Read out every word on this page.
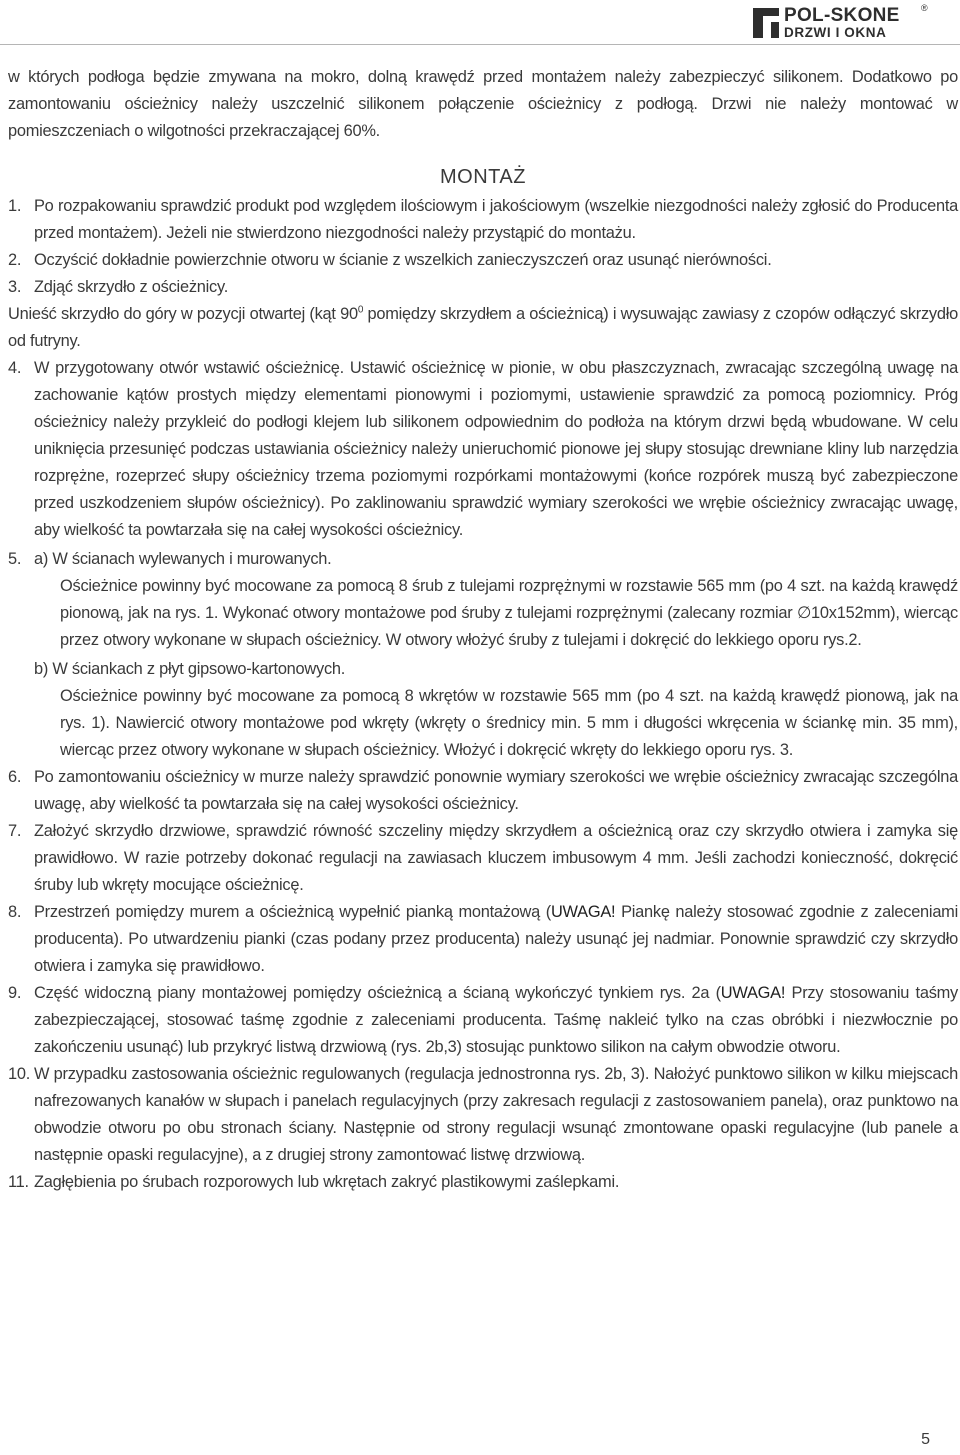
POL-SKONE ®
DRZWI I OKNA

w których podłoga będzie zmywana na mokro, dolną krawędź przed montażem należy zabezpieczyć silikonem. Dodatkowo po zamontowaniu ościeżnicy należy uszczelnić silikonem połączenie ościeżnicy z podłogą. Drzwi nie należy montować w pomieszczeniach o wilgotności przekraczającej 60%.

MONTAŻ
1. Po rozpakowaniu sprawdzić produkt pod względem ilościowym i jakościowym (wszelkie niezgodności należy zgłosić do Producenta przed montażem). Jeżeli nie stwierdzono niezgodności należy przystąpić do montażu.
2. Oczyścić dokładnie powierzchnie otworu w ścianie z wszelkich zanieczyszczeń oraz usunąć nierówności.
3. Zdjąć skrzydło z ościeżnicy.

Unieść skrzydło do góry w pozycji otwartej (kąt $90^0$ pomiędzy skrzydłem a ościeżnicą) i wysuwając zawiasy z czopów odłączyć skrzydło od futryny.

4. W przygotowany otwór wstawić ościeżnicę. Ustawić ościeżnicę w pionie, w obu płaszczyznach, zwracając szczególną uwagę na zachowanie kątów prostych między elementami pionowymi i poziomymi, ustawienie sprawdzić za pomocą poziomnicy. Próg ościeżnicy należy przykleić do podłogi klejem lub silikonem odpowiednim do podłoża na którym drzwi będą wbudowane. W celu uniknięcia przesunięć podczas ustawiania ościeżnicy należy unieruchomić pionowe jej słupy stosując drewniane kliny lub narzędzia rozprężne, rozeprzeć słupy ościeżnicy trzema poziomymi rozpórkami montażowymi (końce rozpórek muszą być zabezpieczone przed uszkodzeniem słupów ościeżnicy). Po zaklinowaniu sprawdzić wymiary szerokości we wrębie ościeżnicy zwracając uwagę, aby wielkość ta powtarzała się na całej wysokości ościeżnicy.
5. a) W ścianach wylewanych i murowanych.

Ościeżnice powinny być mocowane za pomocą 8 śrub z tulejami rozprężnymi w rozstawie 565 mm (po 4 szt. na każdą krawędź pionową, jak na rys. 1. Wykonać otwory montażowe pod śruby z tulejami rozprężnymi (zalecany rozmiar ∅10x152mm), wiercąc przez otwory wykonane w słupach ościeżnicy. W otwory włożyć śruby z tulejami i dokręcić do lekkiego oporu rys.2.

b) W ściankach z płyt gipsowo-kartonowych.

Ościeżnice powinny być mocowane za pomocą 8 wkrętów w rozstawie 565 mm (po 4 szt. na każdą krawędź pionową, jak na rys. 1). Nawiercić otwory montażowe pod wkręty (wkręty o średnicy min. 5 mm i długości wkręcenia w ściankę min. 35 mm), wiercąc przez otwory wykonane w słupach ościeżnicy. Włożyć i dokręcić wkręty do lekkiego oporu rys. 3.

6. Po zamontowaniu ościeżnicy w murze należy sprawdzić ponownie wymiary szerokości we wrębie ościeżnicy zwracając szczególna uwagę, aby wielkość ta powtarzała się na całej wysokości ościeżnicy.
7. Założyć skrzydło drzwiowe, sprawdzić równość szczeliny między skrzydłem a ościeżnicą oraz czy skrzydło otwiera i zamyka się prawidłowo. W razie potrzeby dokonać regulacji na zawiasach kluczem imbusowym 4 mm. Jeśli zachodzi konieczność, dokręcić śruby lub wkręty mocujące ościeżnicę.
8. Przestrzeń pomiędzy murem a ościeżnicą wypełnić pianką montażową (UWAGA! Piankę należy stosować zgodnie z zaleceniami producenta). Po utwardzeniu pianki (czas podany przez producenta) należy usunąć jej nadmiar. Ponownie sprawdzić czy skrzydło otwiera i zamyka się prawidłowo.
9. Część widoczną piany montażowej pomiędzy ościeżnicą a ścianą wykończyć tynkiem rys. 2a (UWAGA! Przy stosowaniu taśmy zabezpieczającej, stosować taśmę zgodnie z zaleceniami producenta. Taśmę nakleić tylko na czas obróbki i niezwłocznie po zakończeniu usunąć) lub przykryć listwą drzwiową (rys. 2b,3) stosując punktowo silikon na całym obwodzie otworu.
10. W przypadku zastosowania ościeżnic regulowanych (regulacja jednostronna rys. 2b, 3). Nałożyć punktowo silikon w kilku miejscach nafrezowanych kanałów w słupach i panelach regulacyjnych (przy zakresach regulacji z zastosowaniem panela), oraz punktowo na obwodzie otworu po obu stronach ściany. Następnie od strony regulacji wsunąć zmontowane opaski regulacyjne (lub panele a następnie opaski regulacyjne), a z drugiej strony zamontować listwę drzwiową.
11. Zagłębienia po śrubach rozporowych lub wkrętach zakryć plastikowymi zaślepkami.
5
